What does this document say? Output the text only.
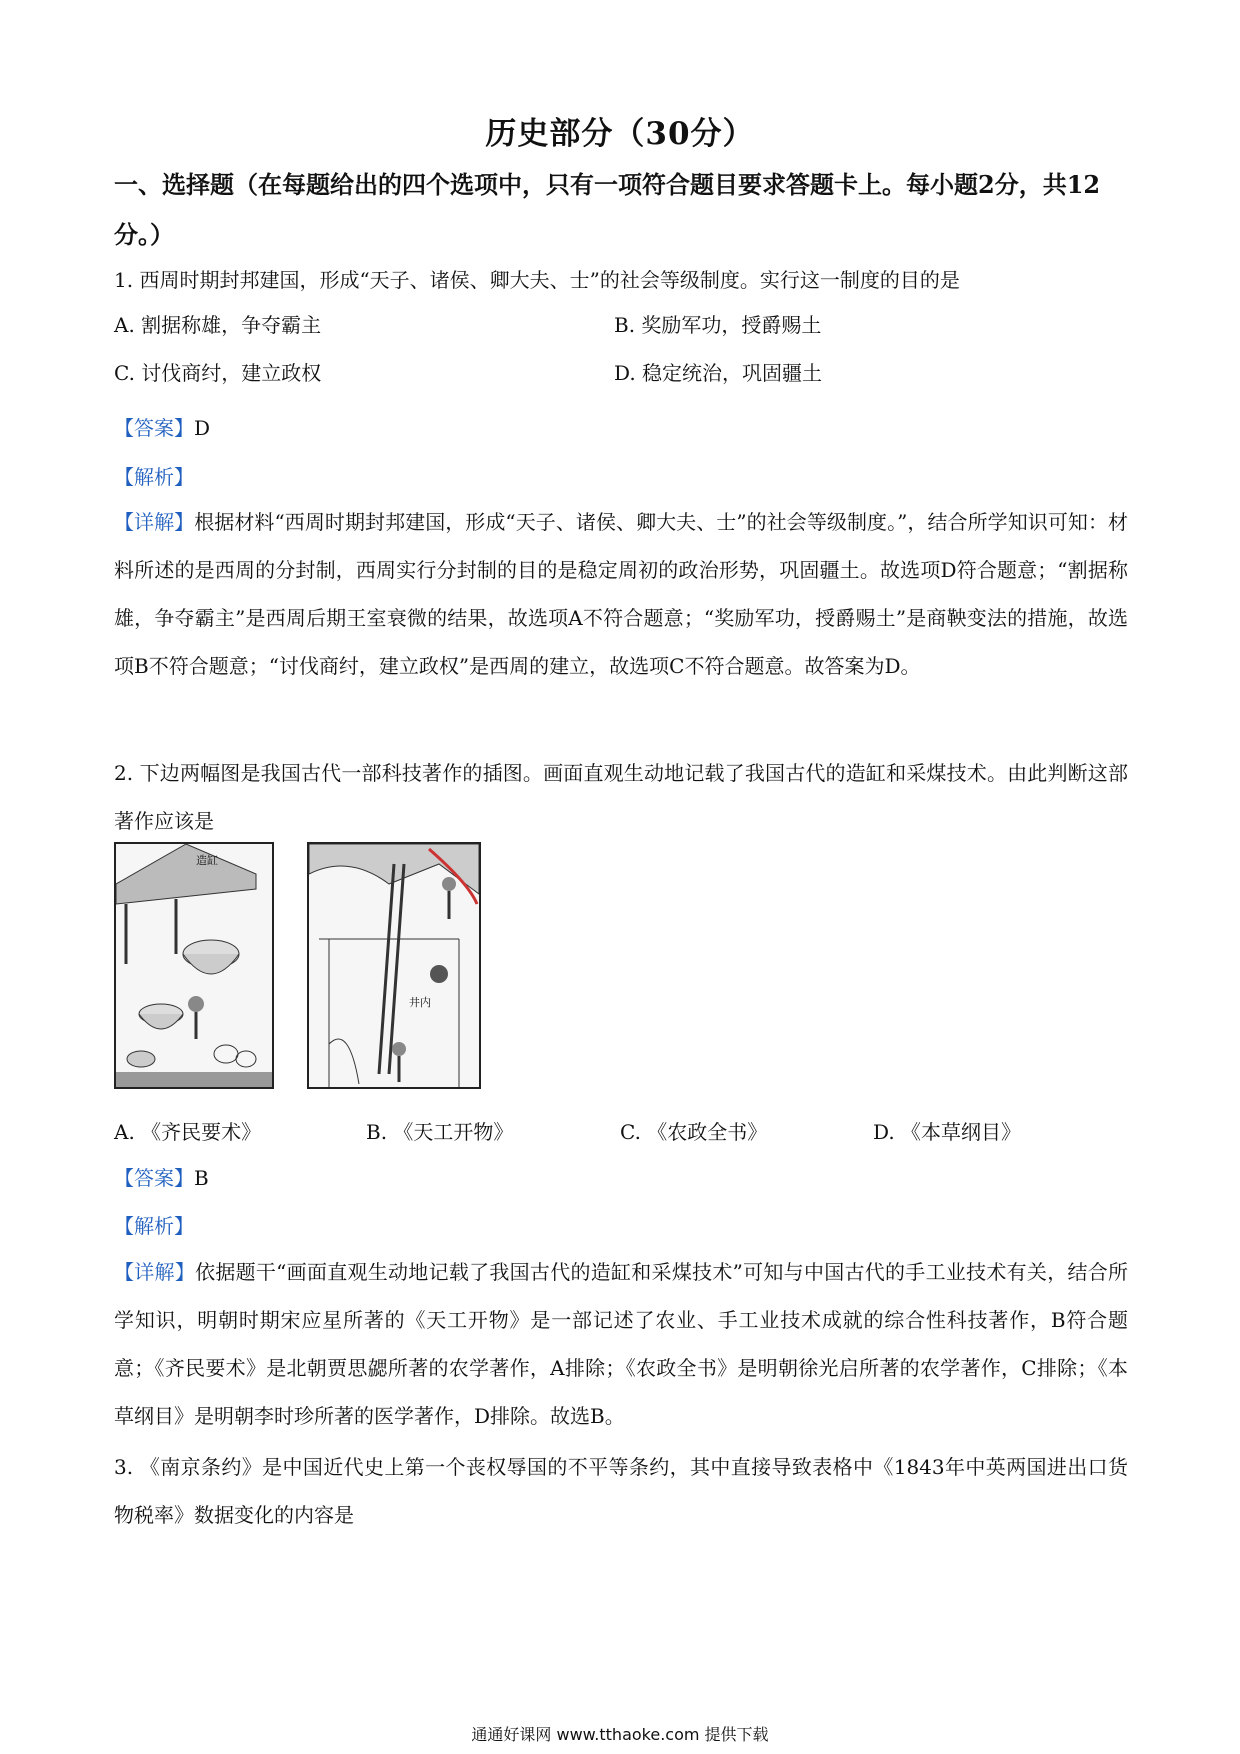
历史部分（30分）
一、选择题（在每题给出的四个选项中，只有一项符合题目要求答题卡上。每小题2分，共12分。）
1. 西周时期封邦建国，形成“天子、诸侯、卿大夫、士”的社会等级制度。实行这一制度的目的是
A. 割据称雄，争夺霸主	B. 奖励军功，授爵赐土
C. 讨伐商纣，建立政权	D. 稳定统治，巩固疆土
【答案】D
【解析】
【详解】根据材料“西周时期封邦建国，形成“天子、诸侯、卿大夫、士”的社会等级制度。”，结合所学知识可知：材料所述的是西周的分封制，西周实行分封制的目的是稳定周初的政治形势，巩固疆土。故选项D符合题意；“割据称雄，争夺霸主”是西周后期王室衰微的结果，故选项A不符合题意；“奖励军功，授爵赐土”是商鞅变法的措施，故选项B不符合题意；“讨伐商纣，建立政权”是西周的建立，故选项C不符合题意。故答案为D。
2. 下边两幅图是我国古代一部科技著作的插图。画面直观生动地记载了我国古代的造缸和采煤技术。由此判断这部著作应该是
造缸
井内
A. 《齐民要术》	B. 《天工开物》	C. 《农政全书》	D. 《本草纲目》
【答案】B
【解析】
【详解】依据题干“画面直观生动地记载了我国古代的造缸和采煤技术”可知与中国古代的手工业技术有关，结合所学知识，明朝时期宋应星所著的《天工开物》是一部记述了农业、手工业技术成就的综合性科技著作，B符合题意；《齐民要术》是北朝贾思勰所著的农学著作，A排除；《农政全书》是明朝徐光启所著的农学著作，C排除；《本草纲目》是明朝李时珍所著的医学著作，D排除。故选B。
3. 《南京条约》是中国近代史上第一个丧权辱国的不平等条约，其中直接导致表格中《1843年中英两国进出口货物税率》数据变化的内容是
通通好课网 www.tthaoke.com 提供下载
